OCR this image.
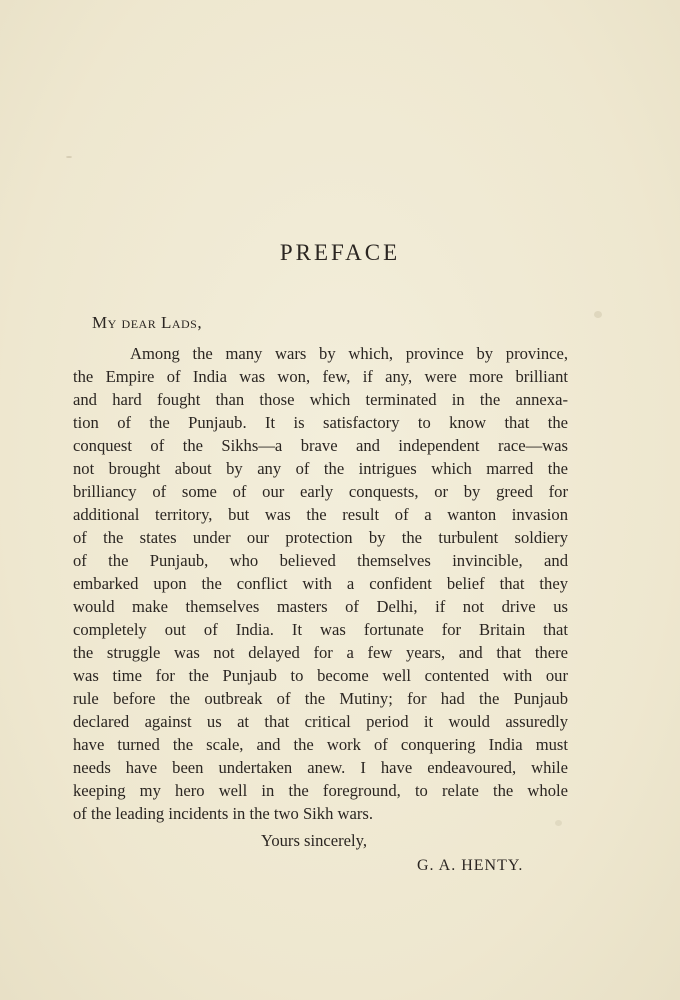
PREFACE
My dear Lads,
Among the many wars by which, province by province,
the Empire of India was won, few, if any, were more brilliant
and hard fought than those which terminated in the annexa-
tion of the Punjaub. It is satisfactory to know that the
conquest of the Sikhs—a brave and independent race—was
not brought about by any of the intrigues which marred the
brilliancy of some of our early conquests, or by greed for
additional territory, but was the result of a wanton invasion
of the states under our protection by the turbulent soldiery
of the Punjaub, who believed themselves invincible, and
embarked upon the conflict with a confident belief that they
would make themselves masters of Delhi, if not drive us
completely out of India. It was fortunate for Britain that
the struggle was not delayed for a few years, and that there
was time for the Punjaub to become well contented with our
rule before the outbreak of the Mutiny; for had the Punjaub
declared against us at that critical period it would assuredly
have turned the scale, and the work of conquering India must
needs have been undertaken anew. I have endeavoured, while
keeping my hero well in the foreground, to relate the whole
of the leading incidents in the two Sikh wars.
Yours sincerely,
G. A. HENTY.
